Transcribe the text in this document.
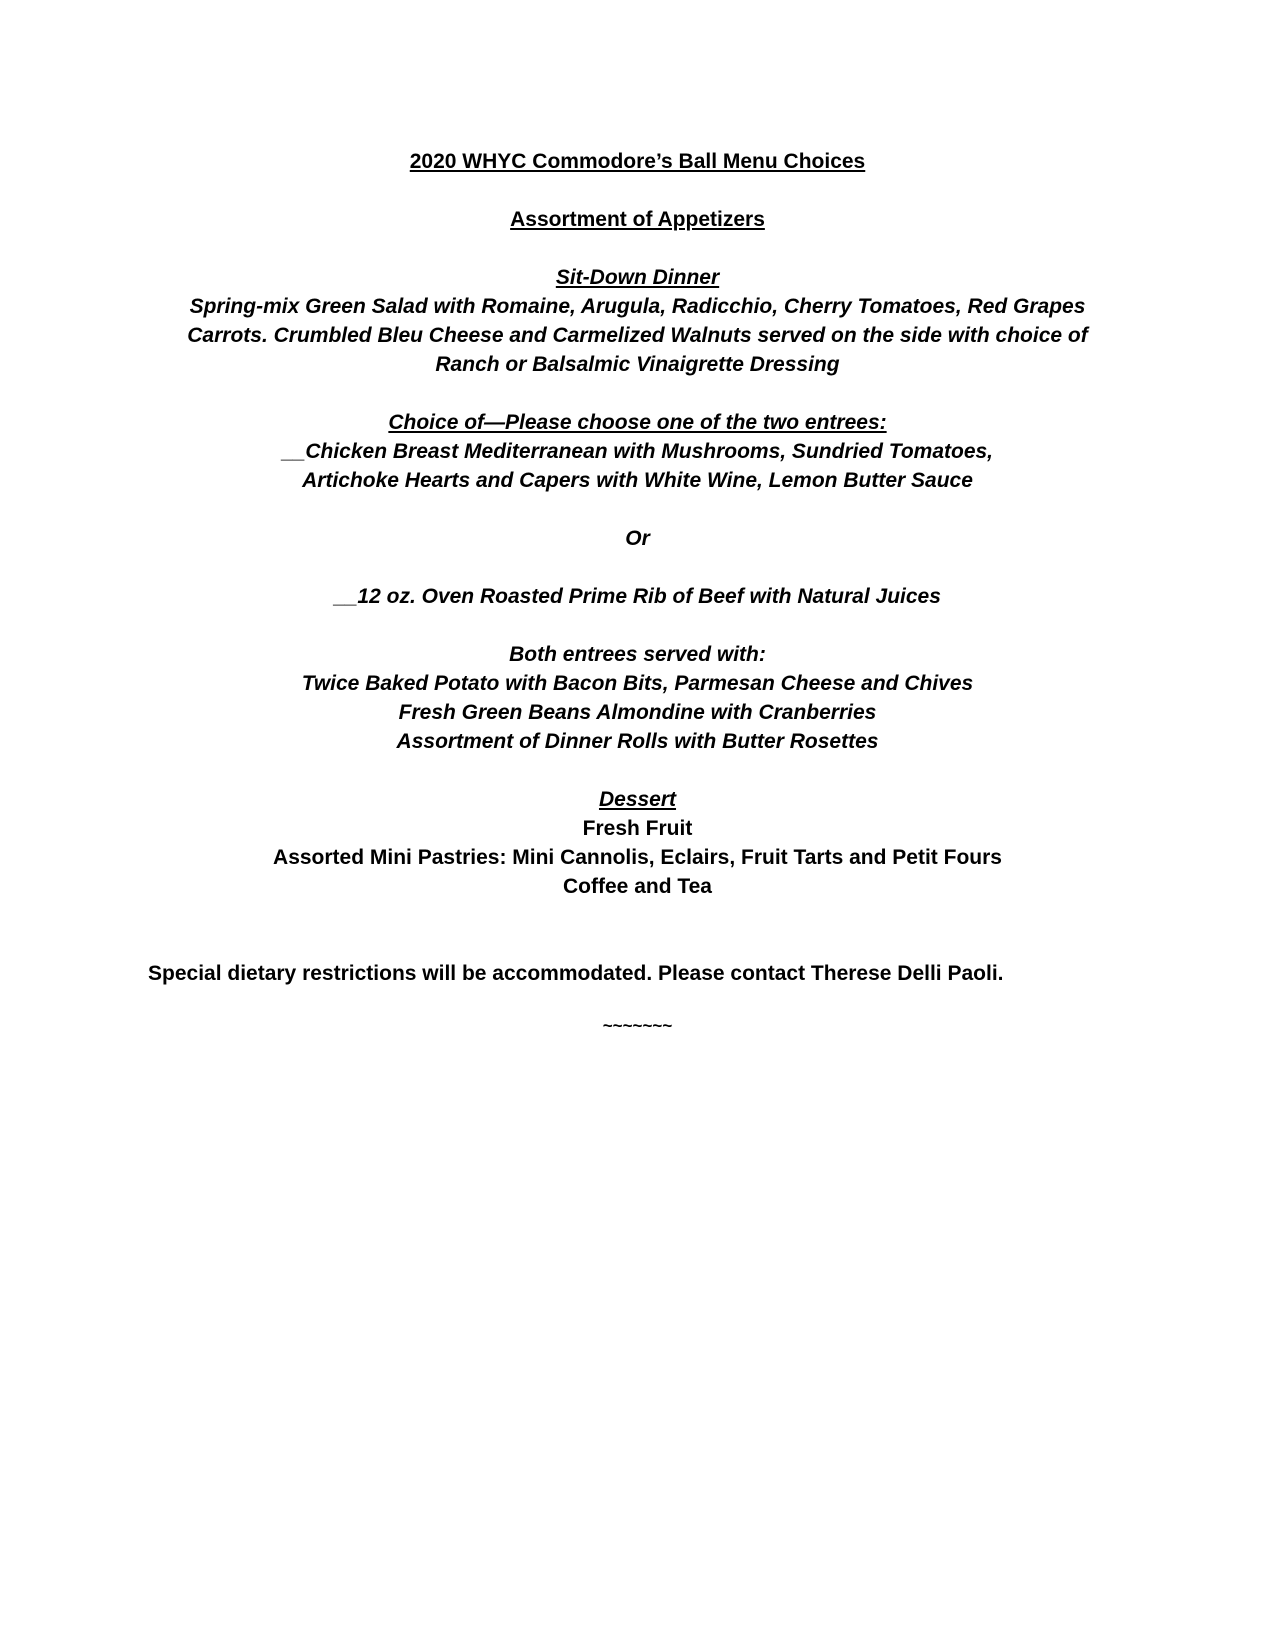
2020 WHYC Commodore’s Ball Menu Choices
Assortment of Appetizers
Sit-Down Dinner
Spring-mix Green Salad with Romaine, Arugula, Radicchio, Cherry Tomatoes, Red Grapes
Carrots. Crumbled Bleu Cheese and Carmelized Walnuts served on the side with choice of
Ranch or Balsalmic Vinaigrette Dressing
Choice of—Please choose one of the two entrees:
__Chicken Breast Mediterranean with Mushrooms, Sundried Tomatoes,
Artichoke Hearts and Capers with White Wine, Lemon Butter Sauce
Or
__12 oz. Oven Roasted Prime Rib of Beef with Natural Juices
Both entrees served with:
Twice Baked Potato with Bacon Bits, Parmesan Cheese and Chives
Fresh Green Beans Almondine with Cranberries
Assortment of Dinner Rolls with Butter Rosettes
Dessert
Fresh Fruit
Assorted Mini Pastries: Mini Cannolis, Eclairs, Fruit Tarts and Petit Fours
Coffee and Tea
Special dietary restrictions will be accommodated. Please contact Therese Delli Paoli.
~~~~~~~
